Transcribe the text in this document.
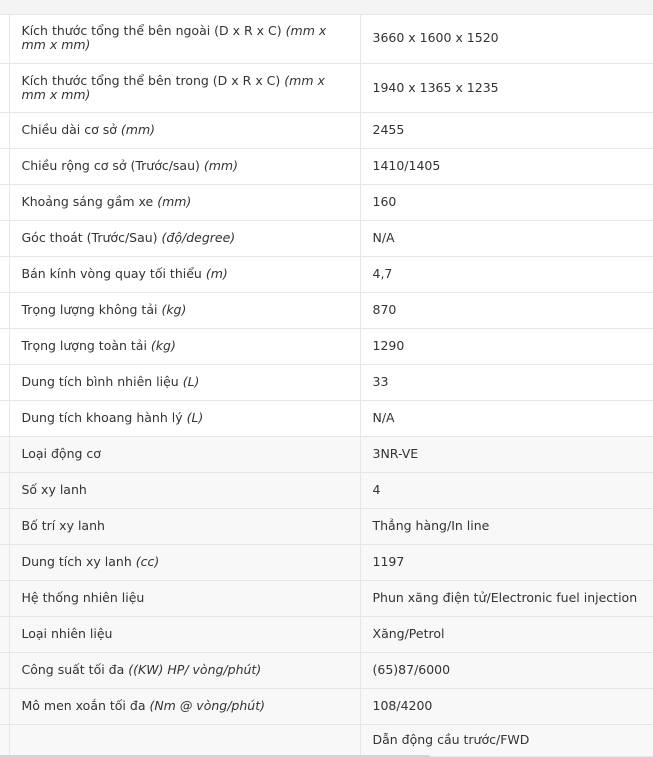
	Kích thước tổng thể bên ngoài (D x R x C) (mm x mm x mm)	3660 x 1600 x 1520
	Kích thước tổng thể bên trong (D x R x C) (mm x mm x mm)	1940 x 1365 x 1235
	Chiều dài cơ sở (mm)	2455
	Chiều rộng cơ sở (Trước/sau) (mm)	1410/1405
	Khoảng sáng gầm xe (mm)	160
	Góc thoát (Trước/Sau) (độ/degree)	N/A
	Bán kính vòng quay tối thiểu (m)	4,7
	Trọng lượng không tải (kg)	870
	Trọng lượng toàn tải (kg)	1290
	Dung tích bình nhiên liệu (L)	33
	Dung tích khoang hành lý (L)	N/A
	Loại động cơ	3NR-VE
	Số xy lanh	4
	Bố trí xy lanh	Thẳng hàng/In line
	Dung tích xy lanh (cc)	1197
	Hệ thống nhiên liệu	Phun xăng điện tử/Electronic fuel injection
	Loại nhiên liệu	Xăng/Petrol
	Công suất tối đa ((KW) HP/ vòng/phút)	(65)87/6000
	Mô men xoắn tối đa (Nm @ vòng/phút)	108/4200
		Dẫn động cầu trước/FWD
